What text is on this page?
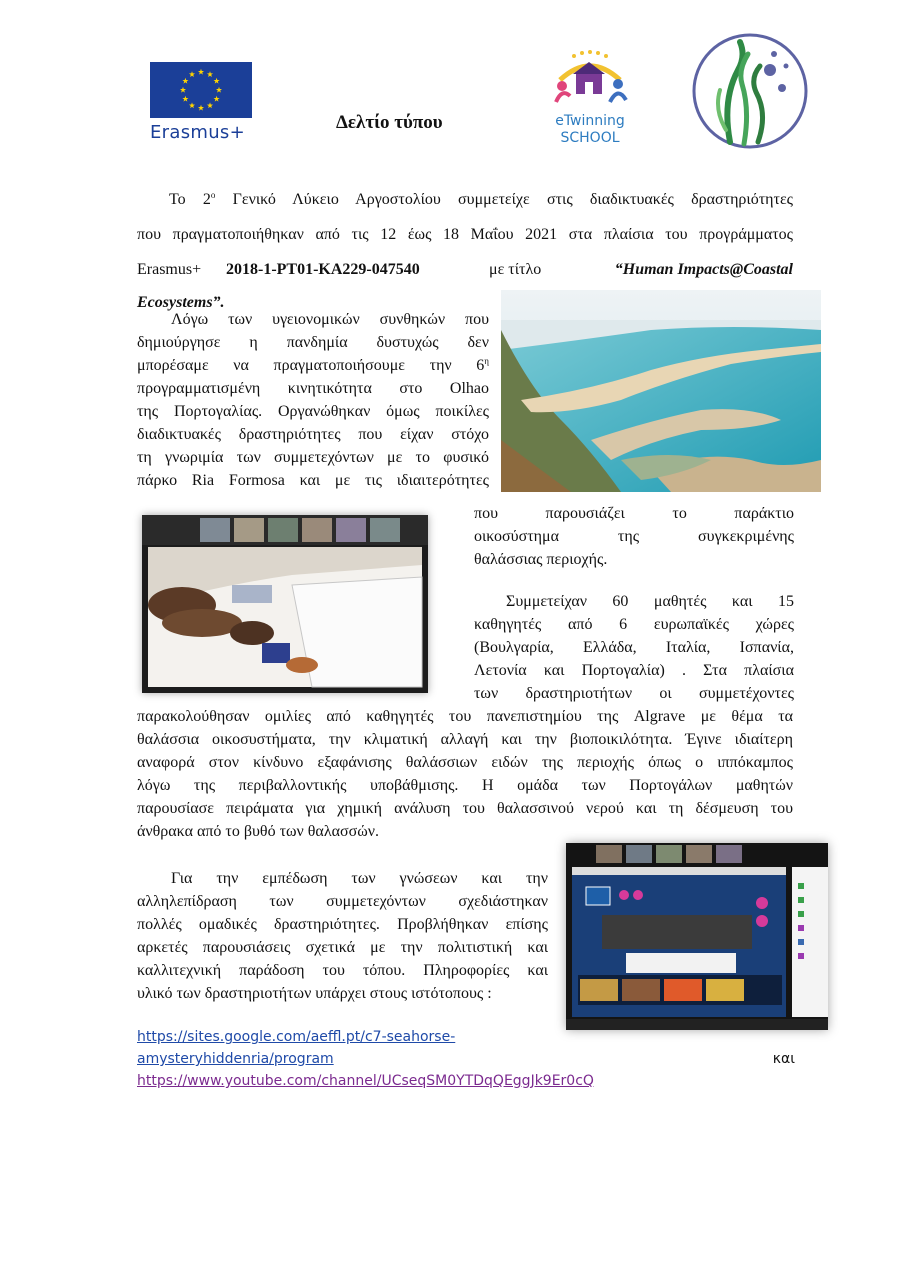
Erasmus+	Δελτίο τύπου	eTwinning SCHOOL
Το $2^o$ Γενικό Λύκειο Αργοστολίου συμμετείχε στις διαδικτυακές δραστηριότητες
που πραγματοποιήθηκαν από τις 12 έως 18 Μαΐου 2021 στα πλαίσια του προγράμματος
Erasmus+ 2018-1-PT01-KA229-047540	με τίτλο	“Human Impacts@Coastal
Ecosystems”.
Λόγω των υγειονομικών συνθηκών που
δημιούργησε η πανδημία δυστυχώς δεν
μπορέσαμε να πραγματοποιήσουμε την $6^\eta$
προγραμματισμένη κινητικότητα στο Olhao
της Πορτογαλίας. Οργανώθηκαν όμως ποικίλες
διαδικτυακές δραστηριότητες που είχαν στόχο
τη γνωριμία των συμμετεχόντων με το φυσικό
πάρκο Ria Formosa και με τις ιδιαιτερότητες
που παρουσιάζει το παράκτιο
οικοσύστημα της συγκεκριμένης
θαλάσσιας περιοχής.
Συμμετείχαν 60 μαθητές και 15
καθηγητές από 6 ευρωπαϊκές χώρες
(Βουλγαρία, Ελλάδα, Ιταλία, Ισπανία,
Λετονία και Πορτογαλία) . Στα πλαίσια
των δραστηριοτήτων οι συμμετέχοντες
παρακολούθησαν ομιλίες από καθηγητές του πανεπιστημίου της Algrave με θέμα τα
θαλάσσια οικοσυστήματα, την κλιματική αλλαγή και την βιοποικιλότητα. Έγινε ιδιαίτερη
αναφορά στον κίνδυνο εξαφάνισης θαλάσσιων ειδών της περιοχής όπως ο ιππόκαμπος
λόγω της περιβαλλοντικής υποβάθμισης. Η ομάδα των Πορτογάλων μαθητών
παρουσίασε πειράματα για χημική ανάλυση του θαλασσινού νερού και τη δέσμευση του
άνθρακα από το βυθό των θαλασσών.
Για την εμπέδωση των γνώσεων και την
αλληλεπίδραση των συμμετεχόντων σχεδιάστηκαν
πολλές ομαδικές δραστηριότητες. Προβλήθηκαν επίσης
αρκετές παρουσιάσεις σχετικά με την πολιτιστική και
καλλιτεχνική παράδοση του τόπου. Πληροφορίες και
υλικό των δραστηριοτήτων υπάρχει στους ιστότοπους :
https://sites.google.com/aeffl.pt/c7-seahorse-
amysteryhiddenria/program	και
https://www.youtube.com/channel/UCseqSM0YTDqQEggJk9Er0cQ
